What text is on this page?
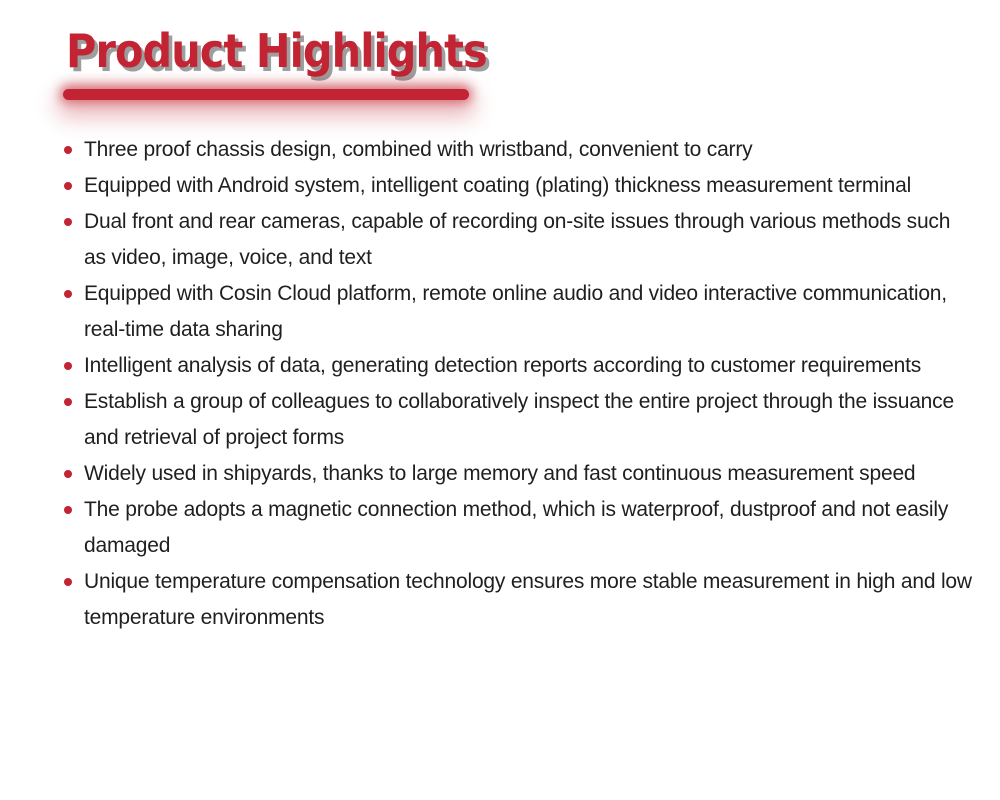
Product Highlights
Three proof chassis design, combined with wristband, convenient to carry
Equipped with Android system, intelligent coating (plating) thickness measurement terminal
Dual front and rear cameras, capable of recording on-site issues through various methods such as video, image, voice, and text
Equipped with Cosin Cloud platform, remote online audio and video interactive communication, real-time data sharing
Intelligent analysis of data, generating detection reports according to customer requirements
Establish a group of colleagues to collaboratively inspect the entire project through the issuance and retrieval of project forms
Widely used in shipyards, thanks to large memory and fast continuous measurement speed
The probe adopts a magnetic connection method, which is waterproof, dustproof and not easily damaged
Unique temperature compensation technology ensures more stable measurement in high and low temperature environments
